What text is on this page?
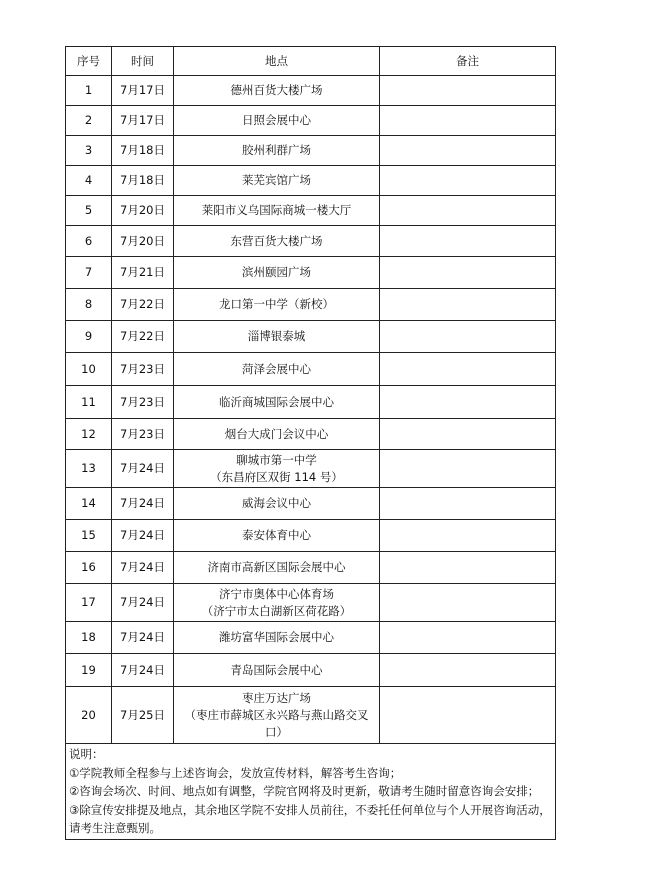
序号	时间	地点	备注
1	7月17日	德州百货大楼广场	

2	7月17日	日照会展中心	

3	7月18日	胶州利群广场	

4	7月18日	莱芜宾馆广场	

5	7月20日	莱阳市义乌国际商城一楼大厅	

6	7月20日	东营百货大楼广场	

7	7月21日	滨州颐园广场	

8	7月22日	龙口第一中学（新校）	

9	7月22日	淄博银泰城	

10	7月23日	菏泽会展中心	

11	7月23日	临沂商城国际会展中心	

12	7月23日	烟台大成门会议中心	

13	7月24日	聊城市第一中学
（东昌府区双街 114 号）	

14	7月24日	威海会议中心	

15	7月24日	泰安体育中心	

16	7月24日	济南市高新区国际会展中心	

17	7月24日	济宁市奥体中心体育场
（济宁市太白湖新区荷花路）	

18	7月24日	潍坊富华国际会展中心	

19	7月24日	青岛国际会展中心	

20	7月25日	枣庄万达广场
（枣庄市薛城区永兴路与燕山路交叉
口）	

说明：
①学院教师全程参与上述咨询会，发放宣传材料，解答考生咨询；
②咨询会场次、时间、地点如有调整，学院官网将及时更新，敬请考生随时留意咨询会安排；
③除宣传安排提及地点，其余地区学院不安排人员前往，不委托任何单位与个人开展咨询活动，请考生注意甄别。			
